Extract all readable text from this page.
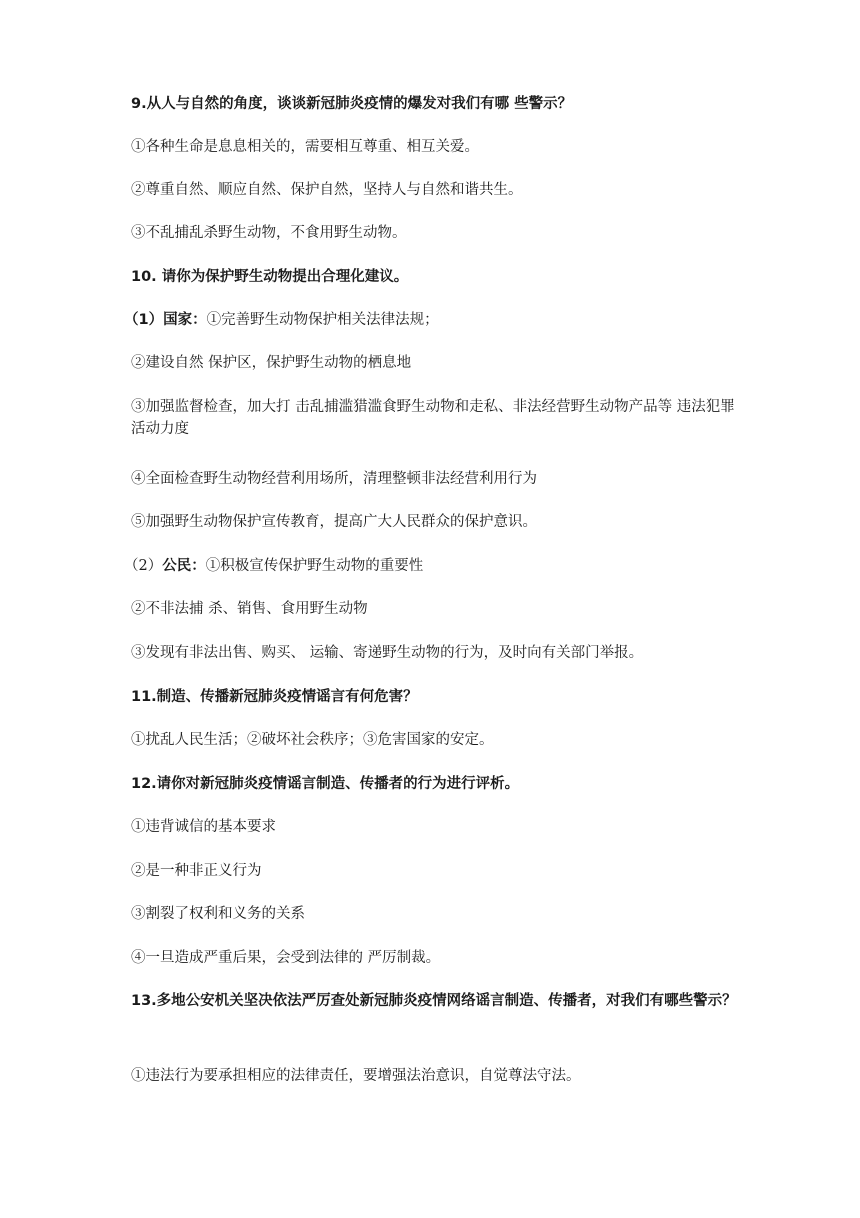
9.从人与自然的角度，谈谈新冠肺炎疫情的爆发对我们有哪 些警示？
①各种生命是息息相关的，需要相互尊重、相互关爱。
②尊重自然、顺应自然、保护自然，坚持人与自然和谐共生。
③不乱捕乱杀野生动物，不食用野生动物。
10. 请你为保护野生动物提出合理化建议。
（1）国家：①完善野生动物保护相关法律法规；
②建设自然 保护区，保护野生动物的栖息地
③加强监督检查，加大打 击乱捕滥猎滥食野生动物和走私、非法经营野生动物产品等 违法犯罪活动力度
④全面检查野生动物经营利用场所，清理整顿非法经营利用行为
⑤加强野生动物保护宣传教育，提高广大人民群众的保护意识。
（2）公民：①积极宣传保护野生动物的重要性
②不非法捕 杀、销售、食用野生动物
③发现有非法出售、购买、 运输、寄递野生动物的行为，及时向有关部门举报。
11.制造、传播新冠肺炎疫情谣言有何危害？
①扰乱人民生活；②破坏社会秩序；③危害国家的安定。
12.请你对新冠肺炎疫情谣言制造、传播者的行为进行评析。
①违背诚信的基本要求
②是一种非正义行为
③割裂了权利和义务的关系
④一旦造成严重后果，会受到法律的 严厉制裁。
13.多地公安机关坚决依法严厉查处新冠肺炎疫情网络谣言制造、传播者，对我们有哪些警示？
①违法行为要承担相应的法律责任，要增强法治意识，自觉尊法守法。
